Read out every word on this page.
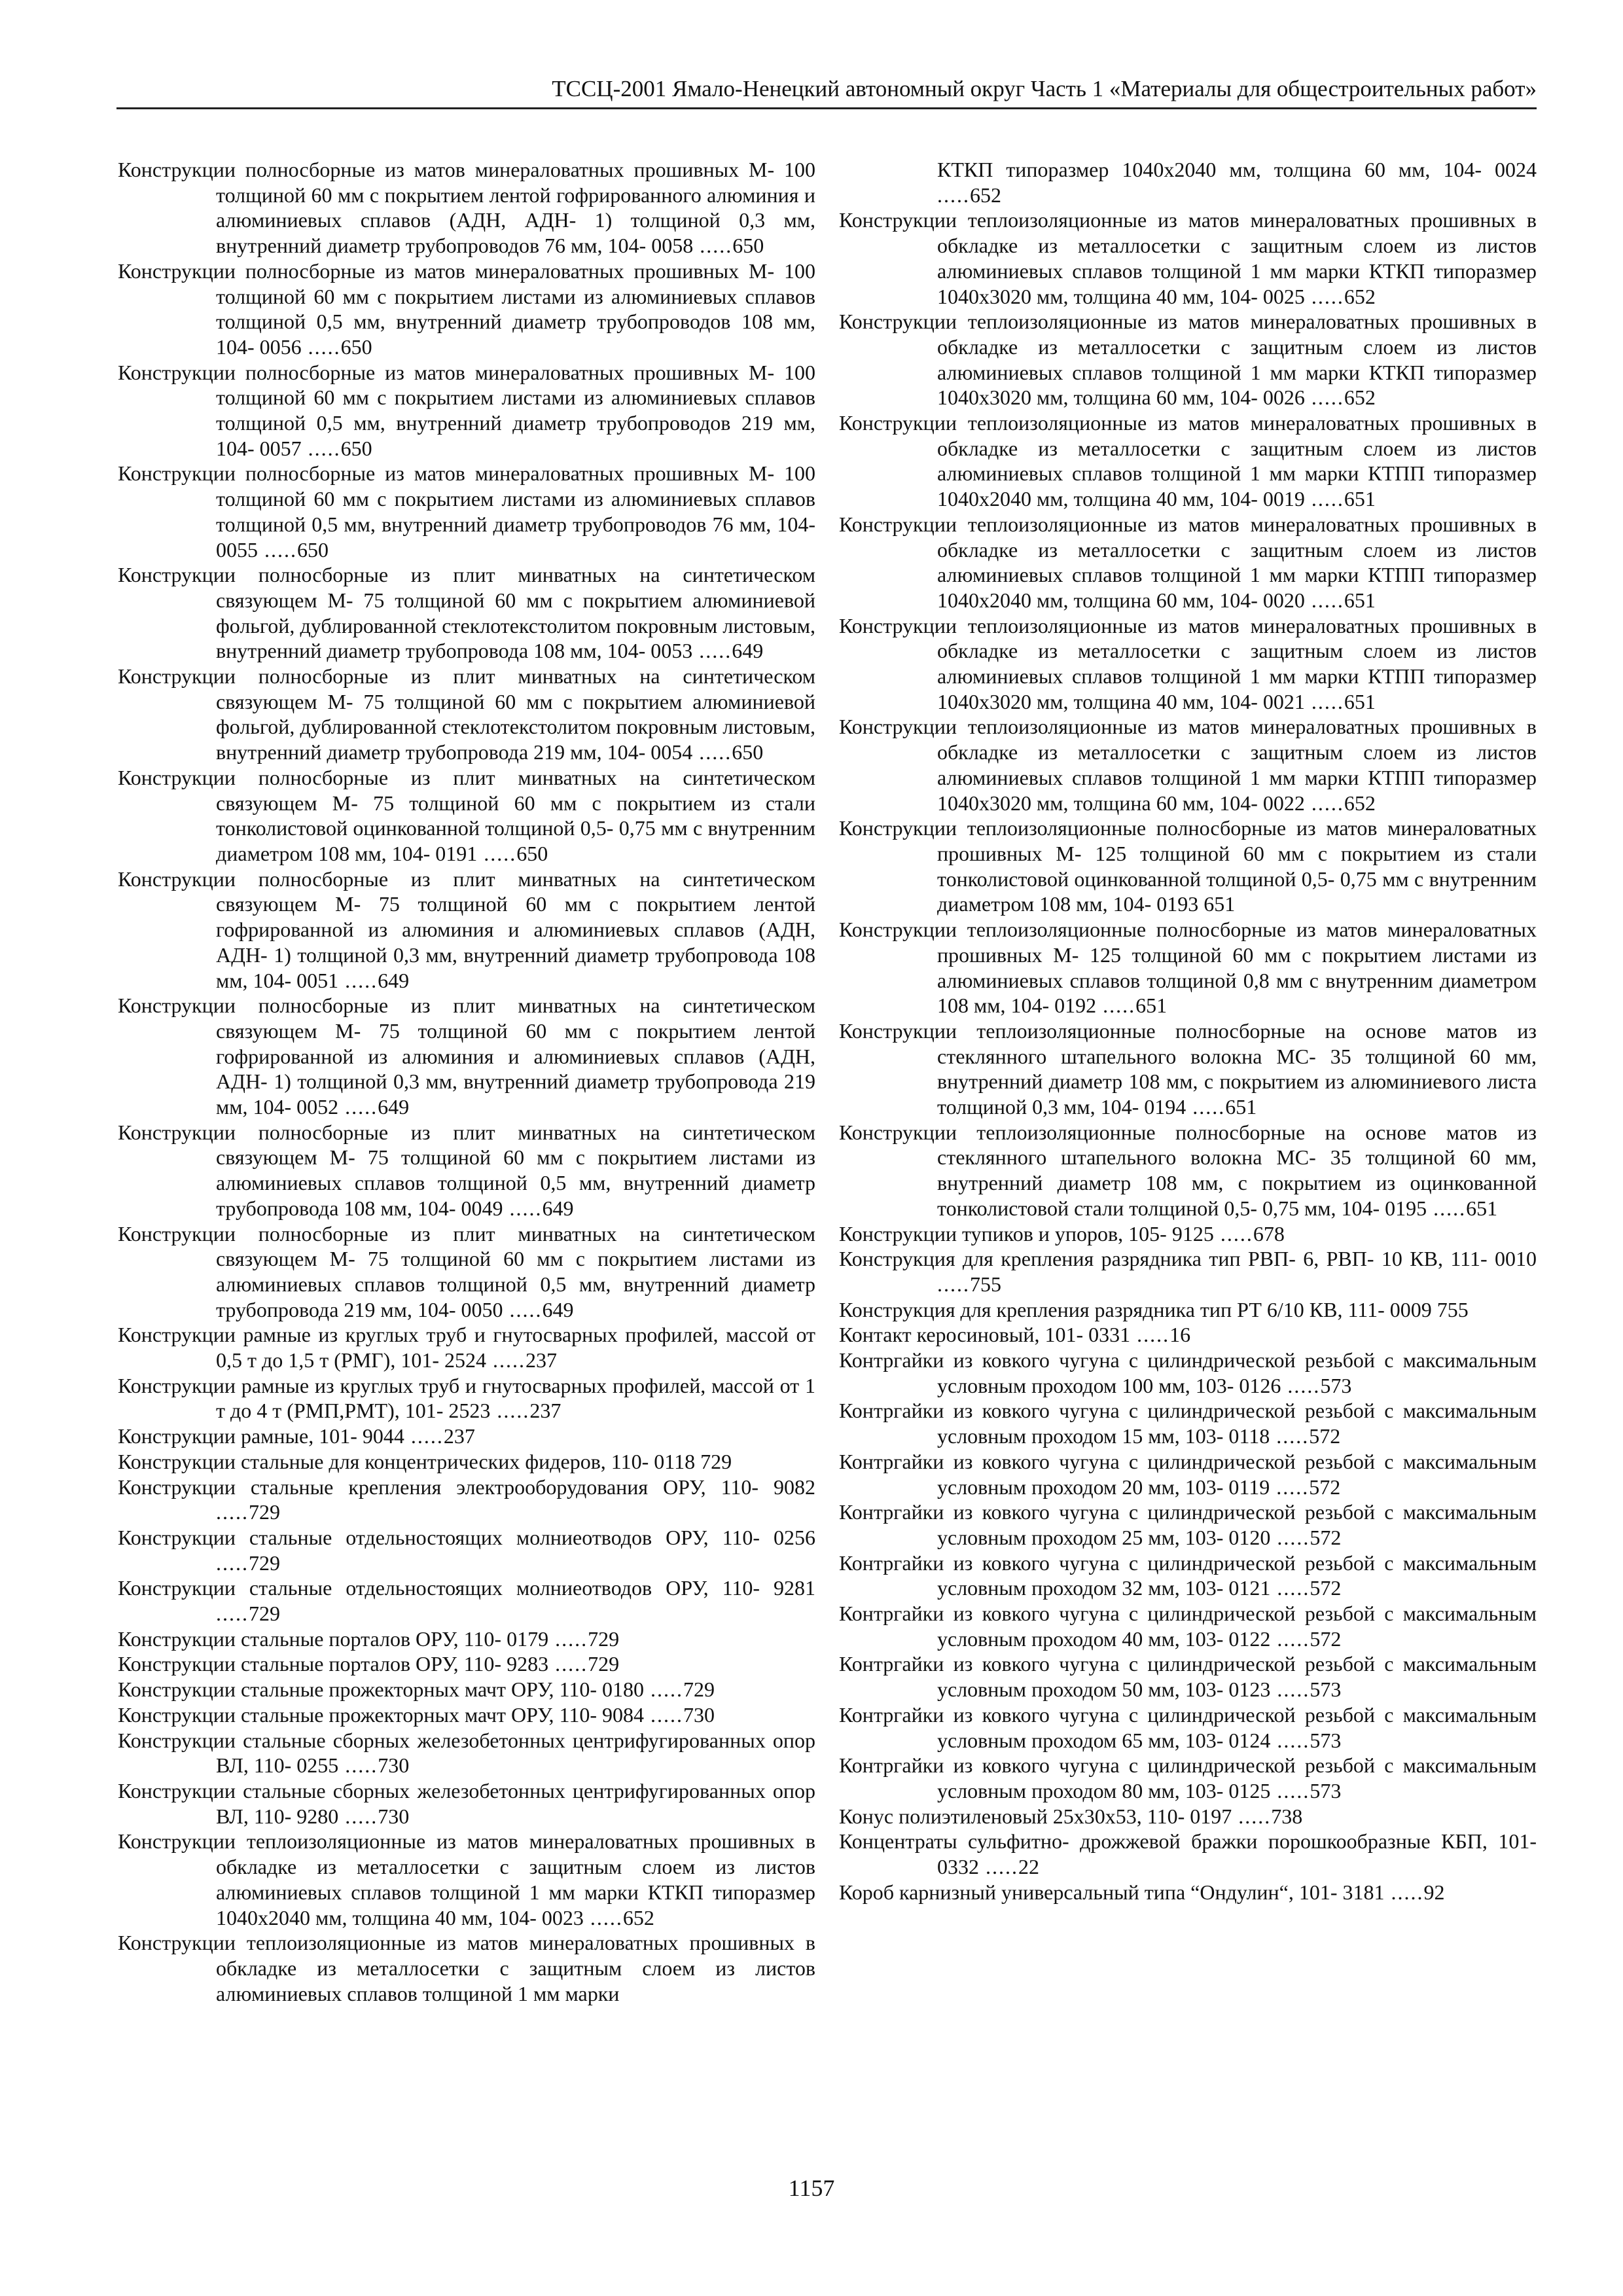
ТССЦ-2001 Ямало-Ненецкий автономный округ Часть 1 «Материалы для общестроительных работ»

Конструкции полносборные из матов минераловатных прошивных М- 100 толщиной 60 мм с покрытием лентой гофрированного алюминия и алюминиевых сплавов (АДН, АДН- 1) толщиной 0,3 мм, внутренний диаметр трубопроводов 76 мм, 104- 0058 .....650

Конструкции полносборные из матов минераловатных прошивных М- 100 толщиной 60 мм с покрытием листами из алюминиевых сплавов толщиной 0,5 мм, внутренний диаметр трубопроводов 108 мм, 104- 0056 .....650

Конструкции полносборные из матов минераловатных прошивных М- 100 толщиной 60 мм с покрытием листами из алюминиевых сплавов толщиной 0,5 мм, внутренний диаметр трубопроводов 219 мм, 104- 0057 .....650

Конструкции полносборные из матов минераловатных прошивных М- 100 толщиной 60 мм с покрытием листами из алюминиевых сплавов толщиной 0,5 мм, внутренний диаметр трубопроводов 76 мм, 104- 0055 .....650

Конструкции полносборные из плит минватных на синтетическом связующем М- 75 толщиной 60 мм с покрытием алюминиевой фольгой, дублированной стеклотекстолитом покровным листовым, внутренний диаметр трубопровода 108 мм, 104- 0053 .....649

Конструкции полносборные из плит минватных на синтетическом связующем М- 75 толщиной 60 мм с покрытием алюминиевой фольгой, дублированной стеклотекстолитом покровным листовым, внутренний диаметр трубопровода 219 мм, 104- 0054 .....650

Конструкции полносборные из плит минватных на синтетическом связующем М- 75 толщиной 60 мм с покрытием из стали тонколистовой оцинкованной толщиной 0,5- 0,75 мм с внутренним диаметром 108 мм, 104- 0191 .....650

Конструкции полносборные из плит минватных на синтетическом связующем М- 75 толщиной 60 мм с покрытием лентой гофрированной из алюминия и алюминиевых сплавов (АДН, АДН- 1) толщиной 0,3 мм, внутренний диаметр трубопровода 108 мм, 104- 0051 .....649

Конструкции полносборные из плит минватных на синтетическом связующем М- 75 толщиной 60 мм с покрытием лентой гофрированной из алюминия и алюминиевых сплавов (АДН, АДН- 1) толщиной 0,3 мм, внутренний диаметр трубопровода 219 мм, 104- 0052 .....649

Конструкции полносборные из плит минватных на синтетическом связующем М- 75 толщиной 60 мм с покрытием листами из алюминиевых сплавов толщиной 0,5 мм, внутренний диаметр трубопровода 108 мм, 104- 0049 .....649

Конструкции полносборные из плит минватных на синтетическом связующем М- 75 толщиной 60 мм с покрытием листами из алюминиевых сплавов толщиной 0,5 мм, внутренний диаметр трубопровода 219 мм, 104- 0050 .....649

Конструкции рамные из круглых труб и гнутосварных профилей, массой от 0,5 т до 1,5 т (РМГ), 101- 2524 .....237

Конструкции рамные из круглых труб и гнутосварных профилей, массой от 1 т до 4 т (РМП,РМТ), 101- 2523 .....237

Конструкции рамные, 101- 9044 .....237

Конструкции стальные для концентрических фидеров, 110- 0118 729

Конструкции стальные крепления электрооборудования ОРУ, 110- 9082 .....729

Конструкции стальные отдельностоящих молниеотводов ОРУ, 110- 0256 .....729

Конструкции стальные отдельностоящих молниеотводов ОРУ, 110- 9281 .....729

Конструкции стальные порталов ОРУ, 110- 0179 .....729

Конструкции стальные порталов ОРУ, 110- 9283 .....729

Конструкции стальные прожекторных мачт ОРУ, 110- 0180 .....729

Конструкции стальные прожекторных мачт ОРУ, 110- 9084 .....730

Конструкции стальные сборных железобетонных центрифугированных опор ВЛ, 110- 0255 .....730

Конструкции стальные сборных железобетонных центрифугированных опор ВЛ, 110- 9280 .....730

Конструкции теплоизоляционные из матов минераловатных прошивных в обкладке из металлосетки с защитным слоем из листов алюминиевых сплавов толщиной 1 мм марки КТКП типоразмер 1040х2040 мм, толщина 40 мм, 104- 0023 .....652

Конструкции теплоизоляционные из матов минераловатных прошивных в обкладке из металлосетки с защитным слоем из листов алюминиевых сплавов толщиной 1 мм марки

КТКП типоразмер 1040х2040 мм, толщина 60 мм, 104- 0024 .....652

Конструкции теплоизоляционные из матов минераловатных прошивных в обкладке из металлосетки с защитным слоем из листов алюминиевых сплавов толщиной 1 мм марки КТКП типоразмер 1040х3020 мм, толщина 40 мм, 104- 0025 .....652

Конструкции теплоизоляционные из матов минераловатных прошивных в обкладке из металлосетки с защитным слоем из листов алюминиевых сплавов толщиной 1 мм марки КТКП типоразмер 1040х3020 мм, толщина 60 мм, 104- 0026 .....652

Конструкции теплоизоляционные из матов минераловатных прошивных в обкладке из металлосетки с защитным слоем из листов алюминиевых сплавов толщиной 1 мм марки КТПП типоразмер 1040х2040 мм, толщина 40 мм, 104- 0019 .....651

Конструкции теплоизоляционные из матов минераловатных прошивных в обкладке из металлосетки с защитным слоем из листов алюминиевых сплавов толщиной 1 мм марки КТПП типоразмер 1040х2040 мм, толщина 60 мм, 104- 0020 .....651

Конструкции теплоизоляционные из матов минераловатных прошивных в обкладке из металлосетки с защитным слоем из листов алюминиевых сплавов толщиной 1 мм марки КТПП типоразмер 1040х3020 мм, толщина 40 мм, 104- 0021 .....651

Конструкции теплоизоляционные из матов минераловатных прошивных в обкладке из металлосетки с защитным слоем из листов алюминиевых сплавов толщиной 1 мм марки КТПП типоразмер 1040х3020 мм, толщина 60 мм, 104- 0022 .....652

Конструкции теплоизоляционные полносборные из матов минераловатных прошивных М- 125 толщиной 60 мм с покрытием из стали тонколистовой оцинкованной толщиной 0,5- 0,75 мм с внутренним диаметром 108 мм, 104- 0193 651

Конструкции теплоизоляционные полносборные из матов минераловатных прошивных М- 125 толщиной 60 мм с покрытием листами из алюминиевых сплавов толщиной 0,8 мм с внутренним диаметром 108 мм, 104- 0192 .....651

Конструкции теплоизоляционные полносборные на основе матов из стеклянного штапельного волокна МС- 35 толщиной 60 мм, внутренний диаметр 108 мм, с покрытием из алюминиевого листа толщиной 0,3 мм, 104- 0194 .....651

Конструкции теплоизоляционные полносборные на основе матов из стеклянного штапельного волокна МС- 35 толщиной 60 мм, внутренний диаметр 108 мм, с покрытием из оцинкованной тонколистовой стали толщиной 0,5- 0,75 мм, 104- 0195 .....651

Конструкции тупиков и упоров, 105- 9125 .....678

Конструкция для крепления разрядника тип РВП- 6, РВП- 10 КВ, 111- 0010 .....755

Конструкция для крепления разрядника тип РТ 6/10 КВ, 111- 0009 755

Контакт керосиновый, 101- 0331 .....16

Контргайки из ковкого чугуна с цилиндрической резьбой с максимальным условным проходом 100 мм, 103- 0126 .....573

Контргайки из ковкого чугуна с цилиндрической резьбой с максимальным условным проходом 15 мм, 103- 0118 .....572

Контргайки из ковкого чугуна с цилиндрической резьбой с максимальным условным проходом 20 мм, 103- 0119 .....572

Контргайки из ковкого чугуна с цилиндрической резьбой с максимальным условным проходом 25 мм, 103- 0120 .....572

Контргайки из ковкого чугуна с цилиндрической резьбой с максимальным условным проходом 32 мм, 103- 0121 .....572

Контргайки из ковкого чугуна с цилиндрической резьбой с максимальным условным проходом 40 мм, 103- 0122 .....572

Контргайки из ковкого чугуна с цилиндрической резьбой с максимальным условным проходом 50 мм, 103- 0123 .....573

Контргайки из ковкого чугуна с цилиндрической резьбой с максимальным условным проходом 65 мм, 103- 0124 .....573

Контргайки из ковкого чугуна с цилиндрической резьбой с максимальным условным проходом 80 мм, 103- 0125 .....573

Конус полиэтиленовый 25х30х53, 110- 0197 .....738

Концентраты сульфитно- дрожжевой бражки порошкообразные КБП, 101- 0332 .....22

Короб карнизный универсальный типа “Ондулин“, 101- 3181 .....92

1157
